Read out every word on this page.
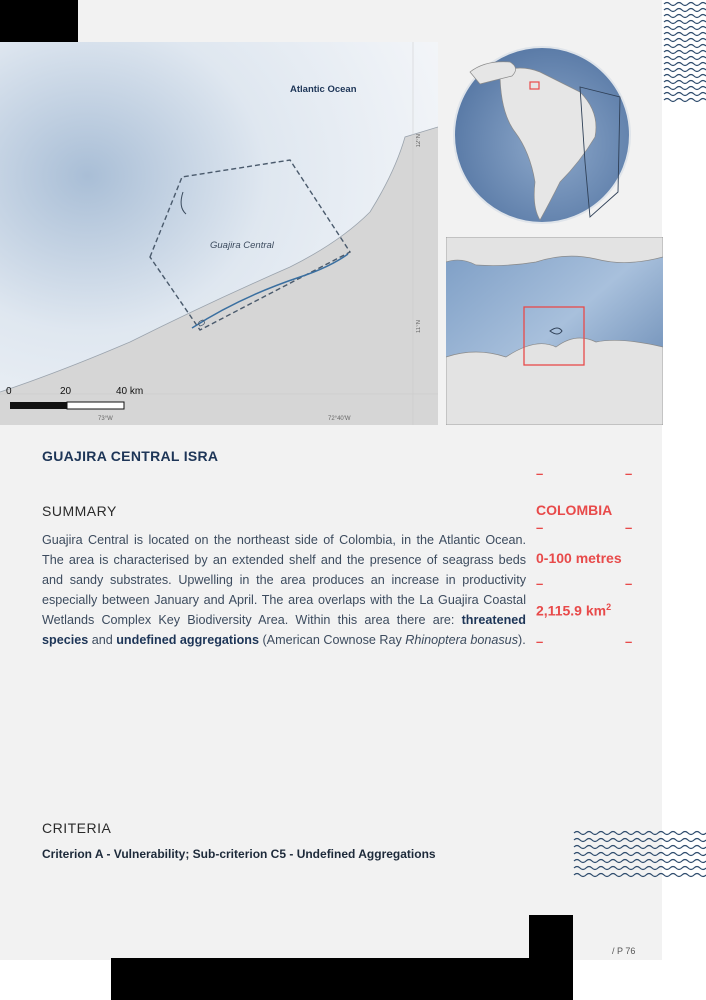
Atlantic Ocean
Guajira Central
12°N
11°N
73°W	72°40'W
0	20	40 km
GUAJIRA CENTRAL ISRA
SUMMARY
Guajira Central is located on the northeast side of Colombia, in the Atlantic Ocean. The area is characterised by an extended shelf and the presence of seagrass beds and sandy substrates. Upwelling in the area produces an increase in productivity especially between January and April. The area overlaps with the La Guajira Coastal Wetlands Complex Key Biodiversity Area. Within this area there are: threatened species and undefined aggregations (American Cownose Ray Rhinoptera bonasus).
–	–
COLOMBIA
–	–
0-100 metres
–	–
2,115.9 $km^2$
–	–
CRITERIA
Criterion A - Vulnerability; Sub-criterion C5 - Undefined Aggregations
/ P 76
